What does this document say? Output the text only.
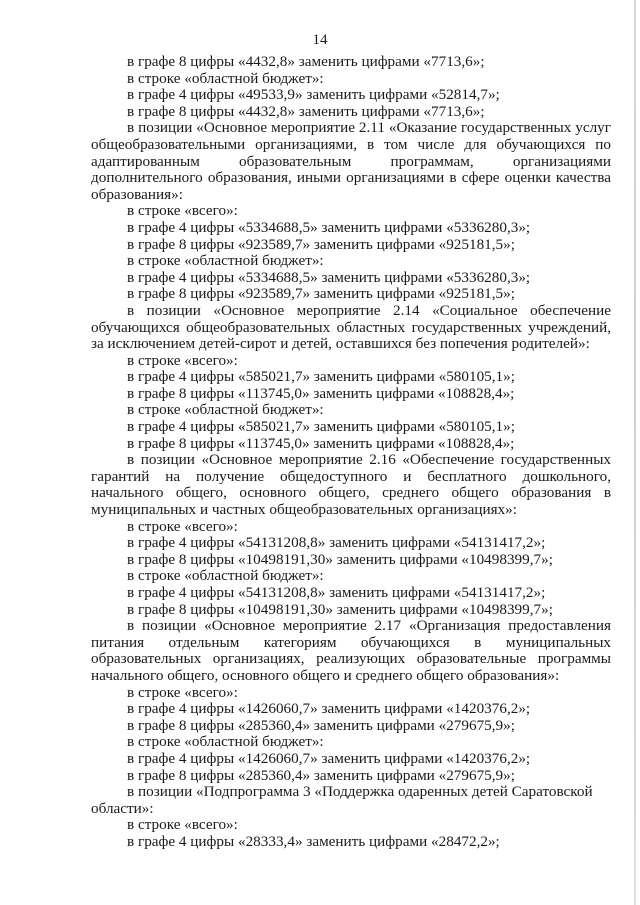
14

в графе 8 цифры «4432,8» заменить цифрами «7713,6»;

в строке «областной бюджет»:

в графе 4 цифры «49533,9» заменить цифрами «52814,7»;

в графе 8 цифры «4432,8» заменить цифрами «7713,6»;

в позиции «Основное мероприятие 2.11 «Оказание государственных услуг общеобразовательными организациями, в том числе для обучающихся по адаптированным образовательным программам, организациями дополнительного образования, иными организациями в сфере оценки качества образования»:

в строке «всего»:

в графе 4 цифры «5334688,5» заменить цифрами «5336280,3»;

в графе 8 цифры «923589,7» заменить цифрами «925181,5»;

в строке «областной бюджет»:

в графе 4 цифры «5334688,5» заменить цифрами «5336280,3»;

в графе 8 цифры «923589,7» заменить цифрами «925181,5»;

в позиции «Основное мероприятие 2.14 «Социальное обеспечение обучающихся общеобразовательных областных государственных учреждений, за исключением детей-сирот и детей, оставшихся без попечения родителей»:

в строке «всего»:

в графе 4 цифры «585021,7» заменить цифрами «580105,1»;

в графе 8 цифры «113745,0» заменить цифрами «108828,4»;

в строке «областной бюджет»:

в графе 4 цифры «585021,7» заменить цифрами «580105,1»;

в графе 8 цифры «113745,0» заменить цифрами «108828,4»;

в позиции «Основное мероприятие 2.16 «Обеспечение государственных гарантий на получение общедоступного и бесплатного дошкольного, начального общего, основного общего, среднего общего образования в муниципальных и частных общеобразовательных организациях»:

в строке «всего»:

в графе 4 цифры «54131208,8» заменить цифрами «54131417,2»;

в графе 8 цифры «10498191,30» заменить цифрами «10498399,7»;

в строке «областной бюджет»:

в графе 4 цифры «54131208,8» заменить цифрами «54131417,2»;

в графе 8 цифры «10498191,30» заменить цифрами «10498399,7»;

в позиции «Основное мероприятие 2.17 «Организация предоставления питания отдельным категориям обучающихся в муниципальных образовательных организациях, реализующих образовательные программы начального общего, основного общего и среднего общего образования»:

в строке «всего»:

в графе 4 цифры «1426060,7» заменить цифрами «1420376,2»;

в графе 8 цифры «285360,4» заменить цифрами «279675,9»;

в строке «областной бюджет»:

в графе 4 цифры «1426060,7» заменить цифрами «1420376,2»;

в графе 8 цифры «285360,4» заменить цифрами «279675,9»;

в позиции «Подпрограмма 3 «Поддержка одаренных детей Саратовской области»:

в строке «всего»:

в графе 4 цифры «28333,4» заменить цифрами «28472,2»;
